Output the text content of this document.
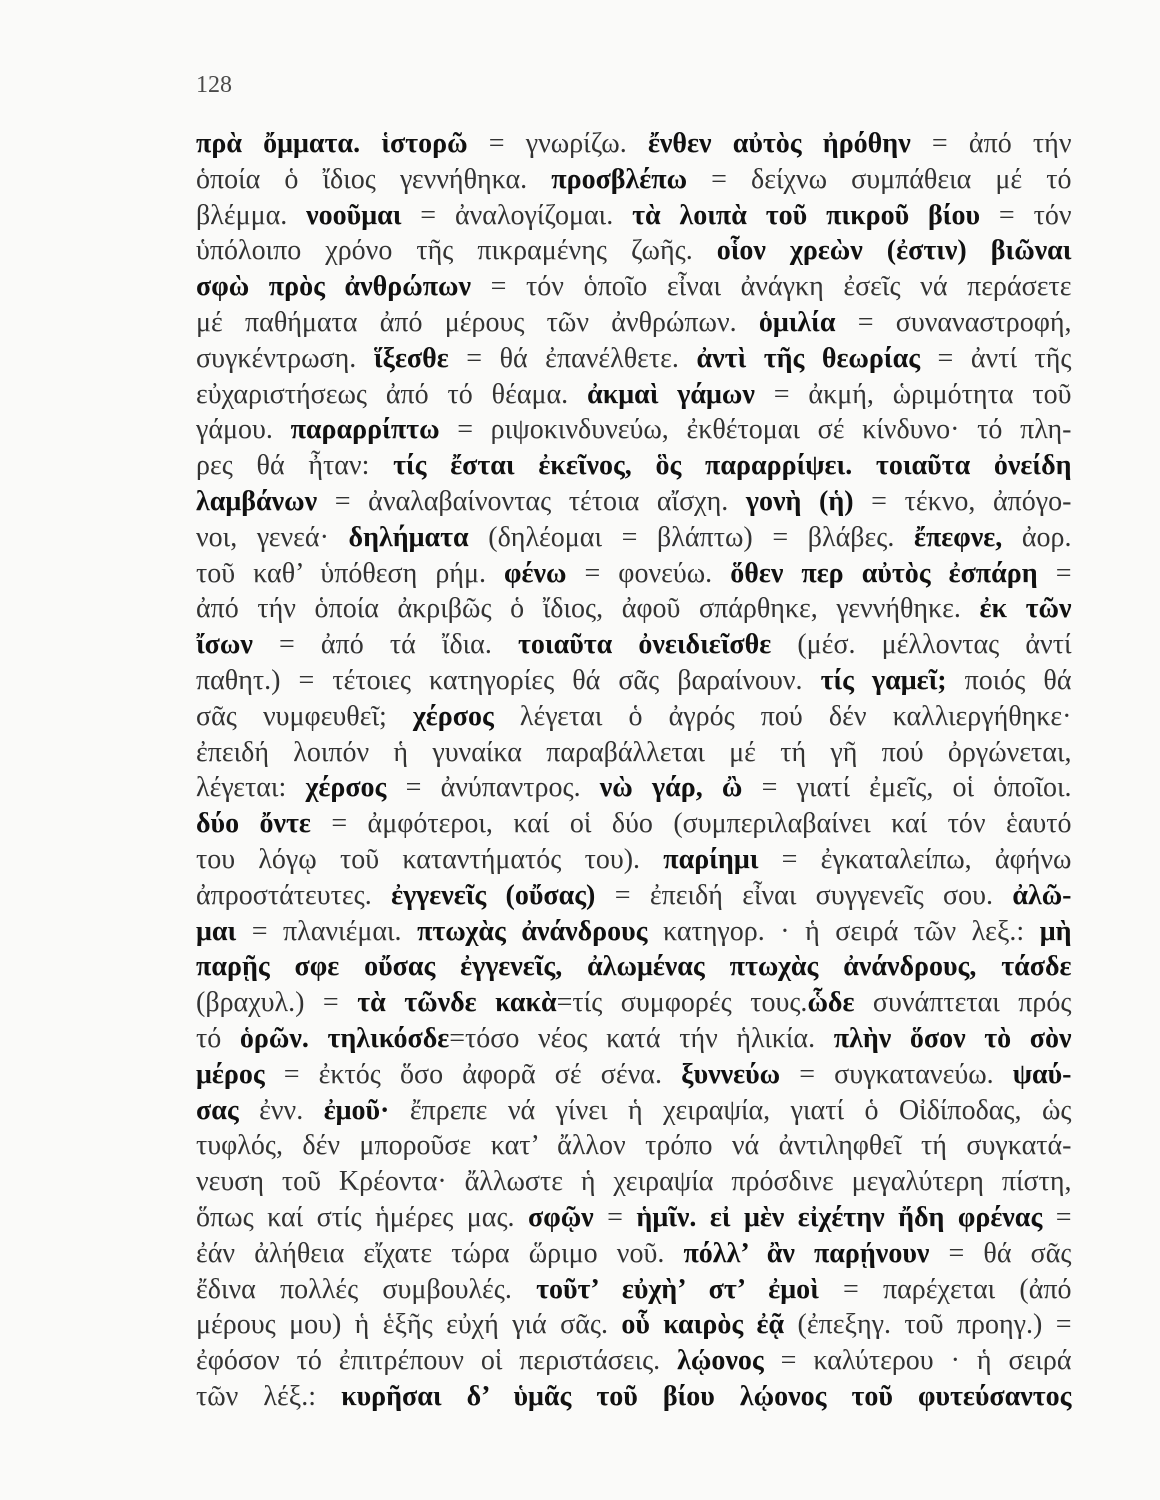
128
πρὰ ὄμματα. ἱστορῶ = γνωρίζω. ἔνθεν αὐτὸς ἠρόθην = ἀπό τήν
ὁποία ὁ ἴδιος γεννήθηκα. προσβλέπω = δείχνω συμπάθεια μέ τό
βλέμμα. νοοῦμαι = ἀναλογίζομαι. τὰ λοιπὰ τοῦ πικροῦ βίου = τόν
ὑπόλοιπο χρόνο τῆς πικραμένης ζωῆς. οἷον χρεὼν (ἐστιν) βιῶναι
σφὼ πρὸς ἀνθρώπων = τόν ὁποῖο εἶναι ἀνάγκη ἐσεῖς νά περάσετε
μέ παθήματα ἀπό μέρους τῶν ἀνθρώπων. ὁμιλία = συναναστροφή,
συγκέντρωση. ἵξεσθε = θά ἐπανέλθετε. ἀντὶ τῆς θεωρίας = ἀντί τῆς
εὐχαριστήσεως ἀπό τό θέαμα. ἀκμαὶ γάμων = ἀκμή, ὡριμότητα τοῦ
γάμου. παραρρίπτω = ριψοκινδυνεύω, ἐκθέτομαι σέ κίνδυνο· τό πλη-
ρες θά ἦταν: τίς ἔσται ἐκεῖνος, ὃς παραρρίψει. τοιαῦτα ὀνείδη
λαμβάνων = ἀναλαβαίνοντας τέτοια αἴσχη. γονὴ (ἡ) = τέκνο, ἀπόγο-
νοι, γενεά· δηλήματα (δηλέομαι = βλάπτω) = βλάβες. ἔπεφνε, ἀορ.
τοῦ καθ’ ὑπόθεση ρήμ. φένω = φονεύω. ὅθεν περ αὐτὸς ἐσπάρη =
ἀπό τήν ὁποία ἀκριβῶς ὁ ἴδιος, ἀφοῦ σπάρθηκε, γεννήθηκε. ἐκ τῶν
ἴσων = ἀπό τά ἴδια. τοιαῦτα ὀνειδιεῖσθε (μέσ. μέλλοντας ἀντί
παθητ.) = τέτοιες κατηγορίες θά σᾶς βαραίνουν. τίς γαμεῖ; ποιός θά
σᾶς νυμφευθεῖ; χέρσος λέγεται ὁ ἀγρός πού δέν καλλιεργήθηκε·
ἐπειδή λοιπόν ἡ γυναίκα παραβάλλεται μέ τή γῆ πού ὀργώνεται,
λέγεται: χέρσος = ἀνύπαντρος. νὼ γάρ, ὢ = γιατί ἐμεῖς, οἱ ὁποῖοι.
δύο ὄντε = ἀμφότεροι, καί οἱ δύο (συμπεριλαβαίνει καί τόν ἑαυτό
του λόγῳ τοῦ καταντήματός του). παρίημι = ἐγκαταλείπω, ἀφήνω
ἀπροστάτευτες. ἐγγενεῖς (οὔσας) = ἐπειδή εἶναι συγγενεῖς σου. ἀλῶ-
μαι = πλανιέμαι. πτωχὰς ἀνάνδρους κατηγορ. · ἡ σειρά τῶν λεξ.: μὴ
παρῇς σφε οὔσας ἐγγενεῖς, ἀλωμένας πτωχὰς ἀνάνδρους, τάσδε
(βραχυλ.) = τὰ τῶνδε κακὰ=τίς συμφορές τους.ὧδε συνάπτεται πρός
τό ὁρῶν. τηλικόσδε=τόσο νέος κατά τήν ἡλικία. πλὴν ὅσον τὸ σὸν
μέρος = ἐκτός ὅσο ἀφορᾶ σέ σένα. ξυννεύω = συγκατανεύω. ψαύ-
σας ἐνν. ἐμοῦ· ἔπρεπε νά γίνει ἡ χειραψία, γιατί ὁ Οἰδίποδας, ὡς
τυφλός, δέν μποροῦσε κατ’ ἄλλον τρόπο νά ἀντιληφθεῖ τή συγκατά-
νευση τοῦ Κρέοντα· ἄλλωστε ἡ χειραψία πρόσδινε μεγαλύτερη πίστη,
ὅπως καί στίς ἡμέρες μας. σφῷν = ἡμῖν. εἰ μὲν εἰχέτην ἤδη φρένας =
ἐάν ἀλήθεια εἴχατε τώρα ὥριμο νοῦ. πόλλ’ ἂν παρῄνουν = θά σᾶς
ἔδινα πολλές συμβουλές. τοῦτ’ εὐχὴ’ στ’ ἐμοὶ = παρέχεται (ἀπό
μέρους μου) ἡ ἑξῆς εὐχή γιά σᾶς. οὗ καιρὸς ἐᾷ (ἐπεξηγ. τοῦ προηγ.) =
ἐφόσον τό ἐπιτρέπουν οἱ περιστάσεις. λῴονος = καλύτερου · ἡ σειρά
τῶν λέξ.: κυρῆσαι δ’ ὑμᾶς τοῦ βίου λῴονος τοῦ φυτεύσαντος
